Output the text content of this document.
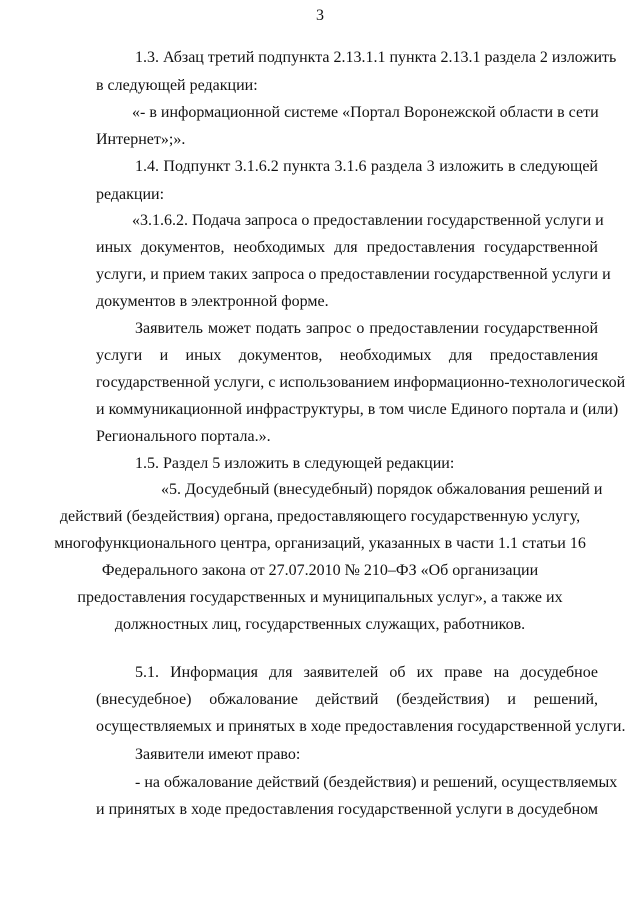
3
1.3. Абзац третий подпункта 2.13.1.1 пункта 2.13.1 раздела 2 изложить
в следующей редакции:
«- в информационной системе «Портал Воронежской области в сети
Интернет»;».
1.4. Подпункт 3.1.6.2 пункта 3.1.6 раздела 3 изложить в следующей
редакции:
«3.1.6.2. Подача запроса о предоставлении государственной услуги и
иных документов, необходимых для предоставления государственной
услуги, и прием таких запроса о предоставлении государственной услуги и
документов в электронной форме.
Заявитель может подать запрос о предоставлении государственной
услуги и иных документов, необходимых для предоставления
государственной услуги, с использованием информационно-технологической
и коммуникационной инфраструктуры, в том числе Единого портала и (или)
Регионального портала.».
1.5. Раздел 5 изложить в следующей редакции:
«5. Досудебный (внесудебный) порядок обжалования решений и
действий (бездействия) органа, предоставляющего государственную услугу,
многофункционального центра, организаций, указанных в части 1.1 статьи 16
Федерального закона от 27.07.2010 № 210–ФЗ «Об организации
предоставления государственных и муниципальных услуг», а также их
должностных лиц, государственных служащих, работников.
5.1. Информация для заявителей об их праве на досудебное
(внесудебное) обжалование действий (бездействия) и решений,
осуществляемых и принятых в ходе предоставления государственной услуги.
Заявители имеют право:
- на обжалование действий (бездействия) и решений, осуществляемых
и принятых в ходе предоставления государственной услуги в досудебном
